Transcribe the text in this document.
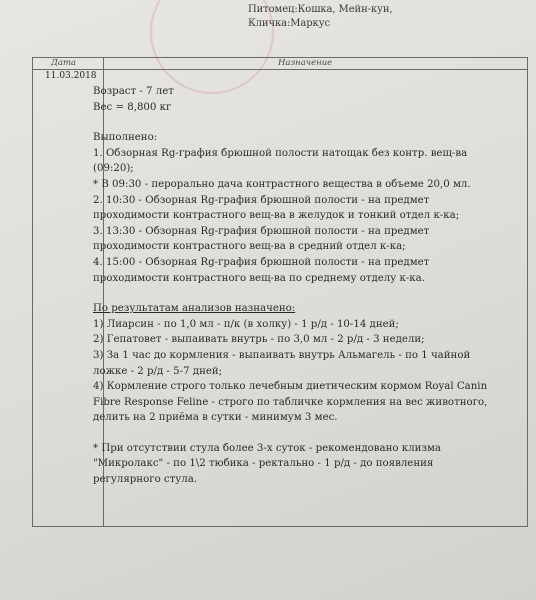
Питомец:Кошка, Мейн-кун,
Кличка:Маркус
Дата	Назначение
11.03.2018

Возраст - 7 лет

Вес = 8,800 кг

Выполнено:

1. Обзорная Rg-графия брюшной полости натощак без контр. вещ-ва

(09:20);

* В 09:30 - перорально дача контрастного вещества в объеме 20,0 мл.

2. 10:30 - Обзорная Rg-графия брюшной полости - на предмет

проходимости контрастного вещ-ва в желудок и тонкий отдел к-ка;

3. 13:30 - Обзорная Rg-графия брюшной полости - на предмет

проходимости контрастного вещ-ва в средний отдел к-ка;

4. 15:00 - Обзорная Rg-графия брюшной полости - на предмет

проходимости контрастного вещ-ва по среднему отделу к-ка.

По результатам анализов назначено:

1) Лиарсин - по 1,0 мл - п/к (в холку) - 1 р/д - 10-14 дней;

2) Гепатовет - выпаивать внутрь - по 3,0 мл - 2 р/д - 3 недели;

3) За 1 час до кормления - выпаивать внутрь Альмагель - по 1 чайной

ложке - 2 р/д - 5-7 дней;

4) Кормление строго только лечебным диетическим кормом Royal Canin

Fibre Response Feline - строго по табличке кормления на вес животного,

делить на 2 приёма в сутки - минимум 3 мес.

* При отсутствии стула более 3-х суток - рекомендовано клизма

"Микролакс" - по 1\2 тюбика - ректально - 1 р/д - до появления

регулярного стула.
